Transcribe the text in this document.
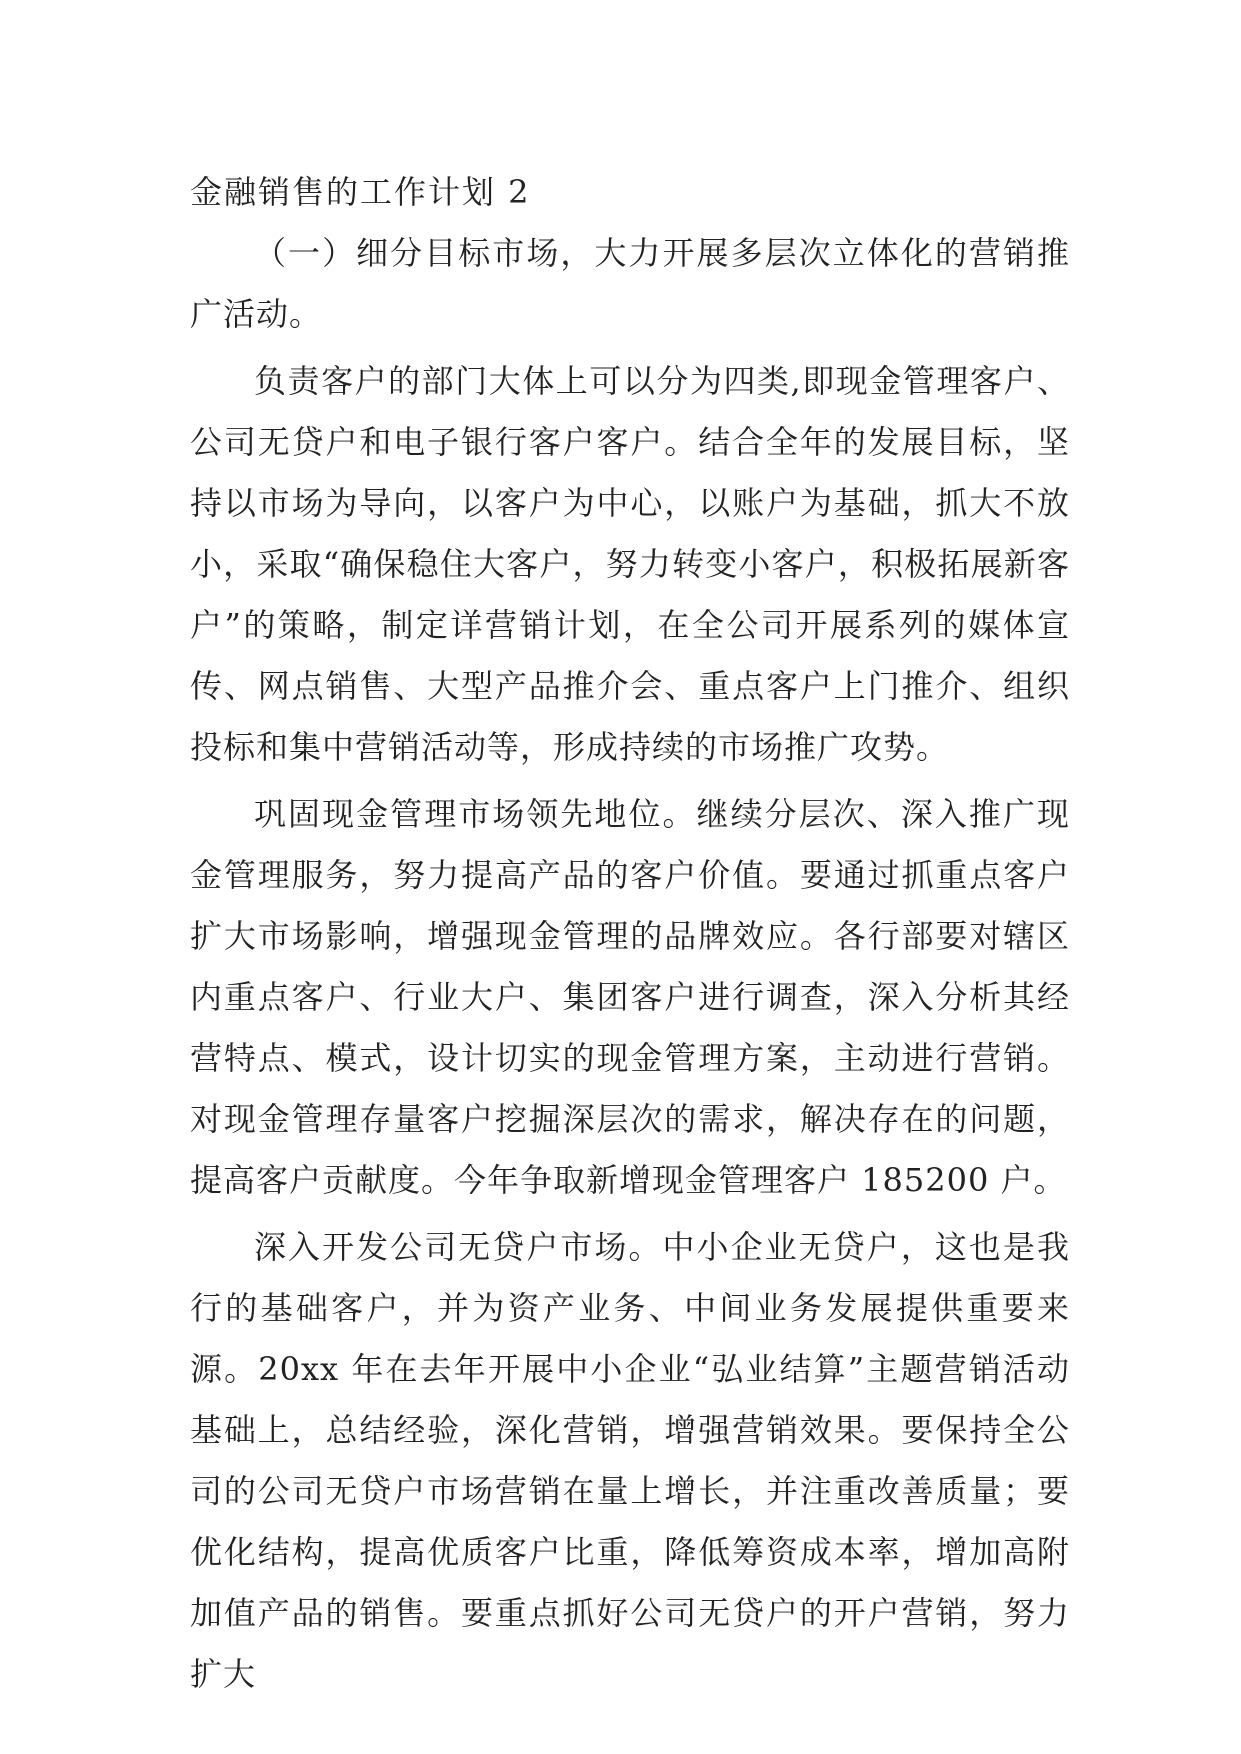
金融销售的工作计划 2

（一）细分目标市场，大力开展多层次立体化的营销推广活动。

负责客户的部门大体上可以分为四类,即现金管理客户、公司无贷户和电子银行客户客户。结合全年的发展目标，坚持以市场为导向，以客户为中心，以账户为基础，抓大不放小，采取“确保稳住大客户，努力转变小客户，积极拓展新客户”的策略，制定详营销计划，在全公司开展系列的媒体宣传、网点销售、大型产品推介会、重点客户上门推介、组织投标和集中营销活动等，形成持续的市场推广攻势。

巩固现金管理市场领先地位。继续分层次、深入推广现金管理服务，努力提高产品的客户价值。要通过抓重点客户扩大市场影响，增强现金管理的品牌效应。各行部要对辖区内重点客户、行业大户、集团客户进行调查，深入分析其经营特点、模式，设计切实的现金管理方案，主动进行营销。对现金管理存量客户挖掘深层次的需求，解决存在的问题，提高客户贡献度。今年争取新增现金管理客户 185200 户。

深入开发公司无贷户市场。中小企业无贷户，这也是我行的基础客户，并为资产业务、中间业务发展提供重要来源。20xx 年在去年开展中小企业“弘业结算”主题营销活动基础上，总结经验，深化营销，增强营销效果。要保持全公司的公司无贷户市场营销在量上增长，并注重改善质量；要优化结构，提高优质客户比重，降低筹资成本率，增加高附加值产品的销售。要重点抓好公司无贷户的开户营销，努力扩大
